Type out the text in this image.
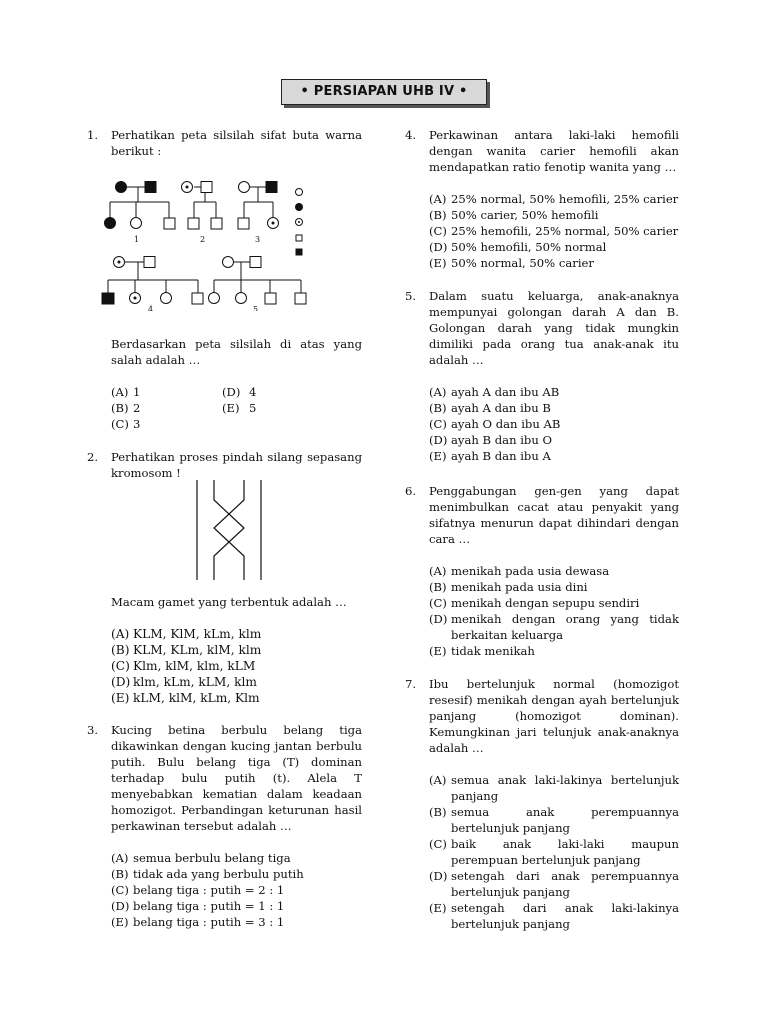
• PERSIAPAN UHB IV •
1. Perhatikan peta silsilah sifat buta warna berikut :
1	2	3
4	5
Berdasarkan peta silsilah di atas yang salah adalah …
(A) 1
(B) 2
(C) 3
(D) 4
(E) 5
2. Perhatikan proses pindah silang sepasang kromosom !
Macam gamet yang terbentuk adalah …
(A) KLM, KlM, kLm, klm
(B) KLM, KLm, klM, klm
(C) Klm, klM, klm, kLM
(D) klm, kLm, kLM, klm
(E) kLM, klM, kLm, Klm
3. Kucing betina berbulu belang tiga dikawinkan dengan kucing jantan berbulu putih. Bulu belang tiga (T) dominan terhadap bulu putih (t). Alela T menyebabkan kematian dalam keadaan homozigot. Perbandingan keturunan hasil perkawinan tersebut adalah …
(A) semua berbulu belang tiga
(B) tidak ada yang berbulu putih
(C) belang tiga : putih = 2 : 1
(D) belang tiga : putih = 1 : 1
(E) belang tiga : putih = 3 : 1
4. Perkawinan antara laki-laki hemofili dengan wanita carier hemofili akan mendapatkan ratio fenotip wanita yang …
(A) 25% normal, 50% hemofili, 25% carier
(B) 50% carier, 50% hemofili
(C) 25% hemofili, 25% normal, 50% carier
(D) 50% hemofili, 50% normal
(E) 50% normal, 50% carier
5. Dalam suatu keluarga, anak-anaknya mempunyai golongan darah A dan B. Golongan darah yang tidak mungkin dimiliki pada orang tua anak-anak itu adalah …
(A) ayah A dan ibu AB
(B) ayah A dan ibu B
(C) ayah O dan ibu AB
(D) ayah B dan ibu O
(E) ayah B dan ibu A
6. Penggabungan gen-gen yang dapat menimbulkan cacat atau penyakit yang sifatnya menurun dapat dihindari dengan cara …
(A) menikah pada usia dewasa
(B) menikah pada usia dini
(C) menikah dengan sepupu sendiri
(D) menikah dengan orang yang tidak berkaitan keluarga
(E) tidak menikah
7. Ibu bertelunjuk normal (homozigot resesif) menikah dengan ayah bertelunjuk panjang (homozigot dominan). Kemungkinan jari telunjuk anak-anaknya adalah …
(A) semua anak laki-lakinya bertelunjuk panjang
(B) semua anak perempuannya bertelunjuk panjang
(C) baik anak laki-laki maupun perempuan bertelunjuk panjang
(D) setengah dari anak perempuannya bertelunjuk panjang
(E) setengah dari anak laki-lakinya bertelunjuk panjang
